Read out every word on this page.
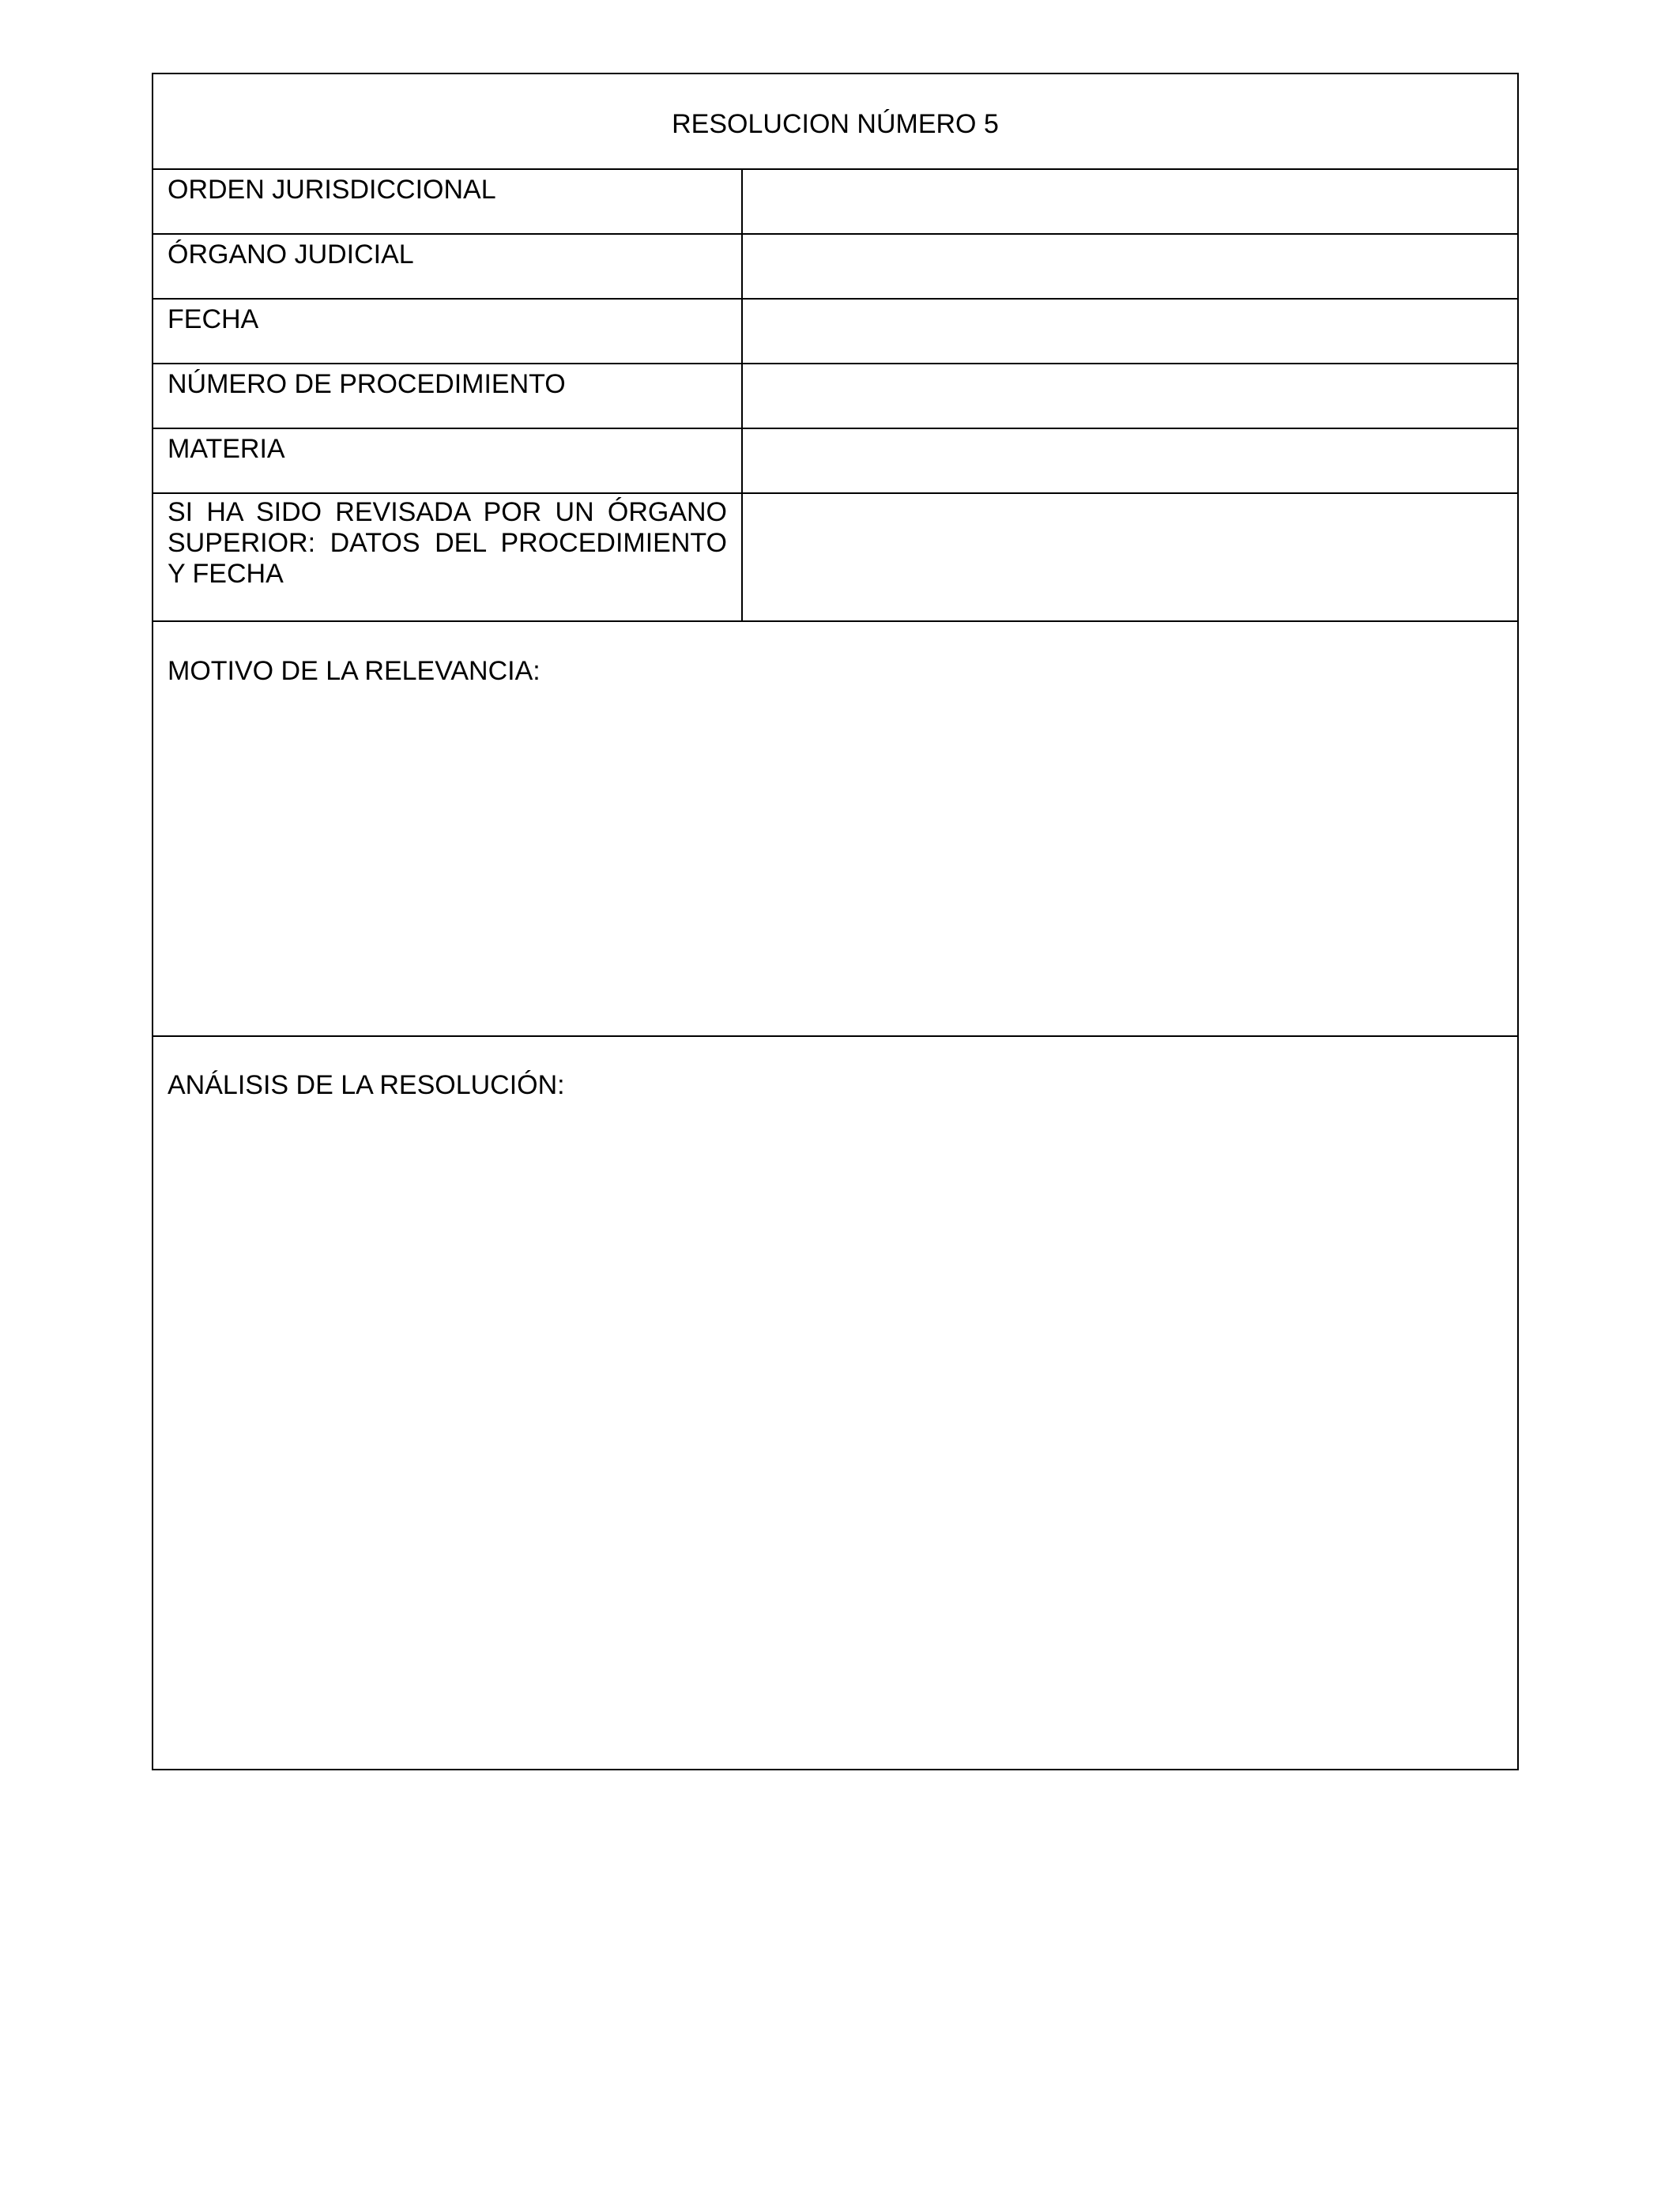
RESOLUCION NÚMERO 5
ORDEN JURISDICCIONAL
ÓRGANO JUDICIAL
FECHA
NÚMERO DE PROCEDIMIENTO
MATERIA
SI HA SIDO REVISADA POR UN ÓRGANO SUPERIOR: DATOS DEL PROCEDIMIENTO Y FECHA
MOTIVO DE LA RELEVANCIA:
ANÁLISIS DE LA RESOLUCIÓN:
